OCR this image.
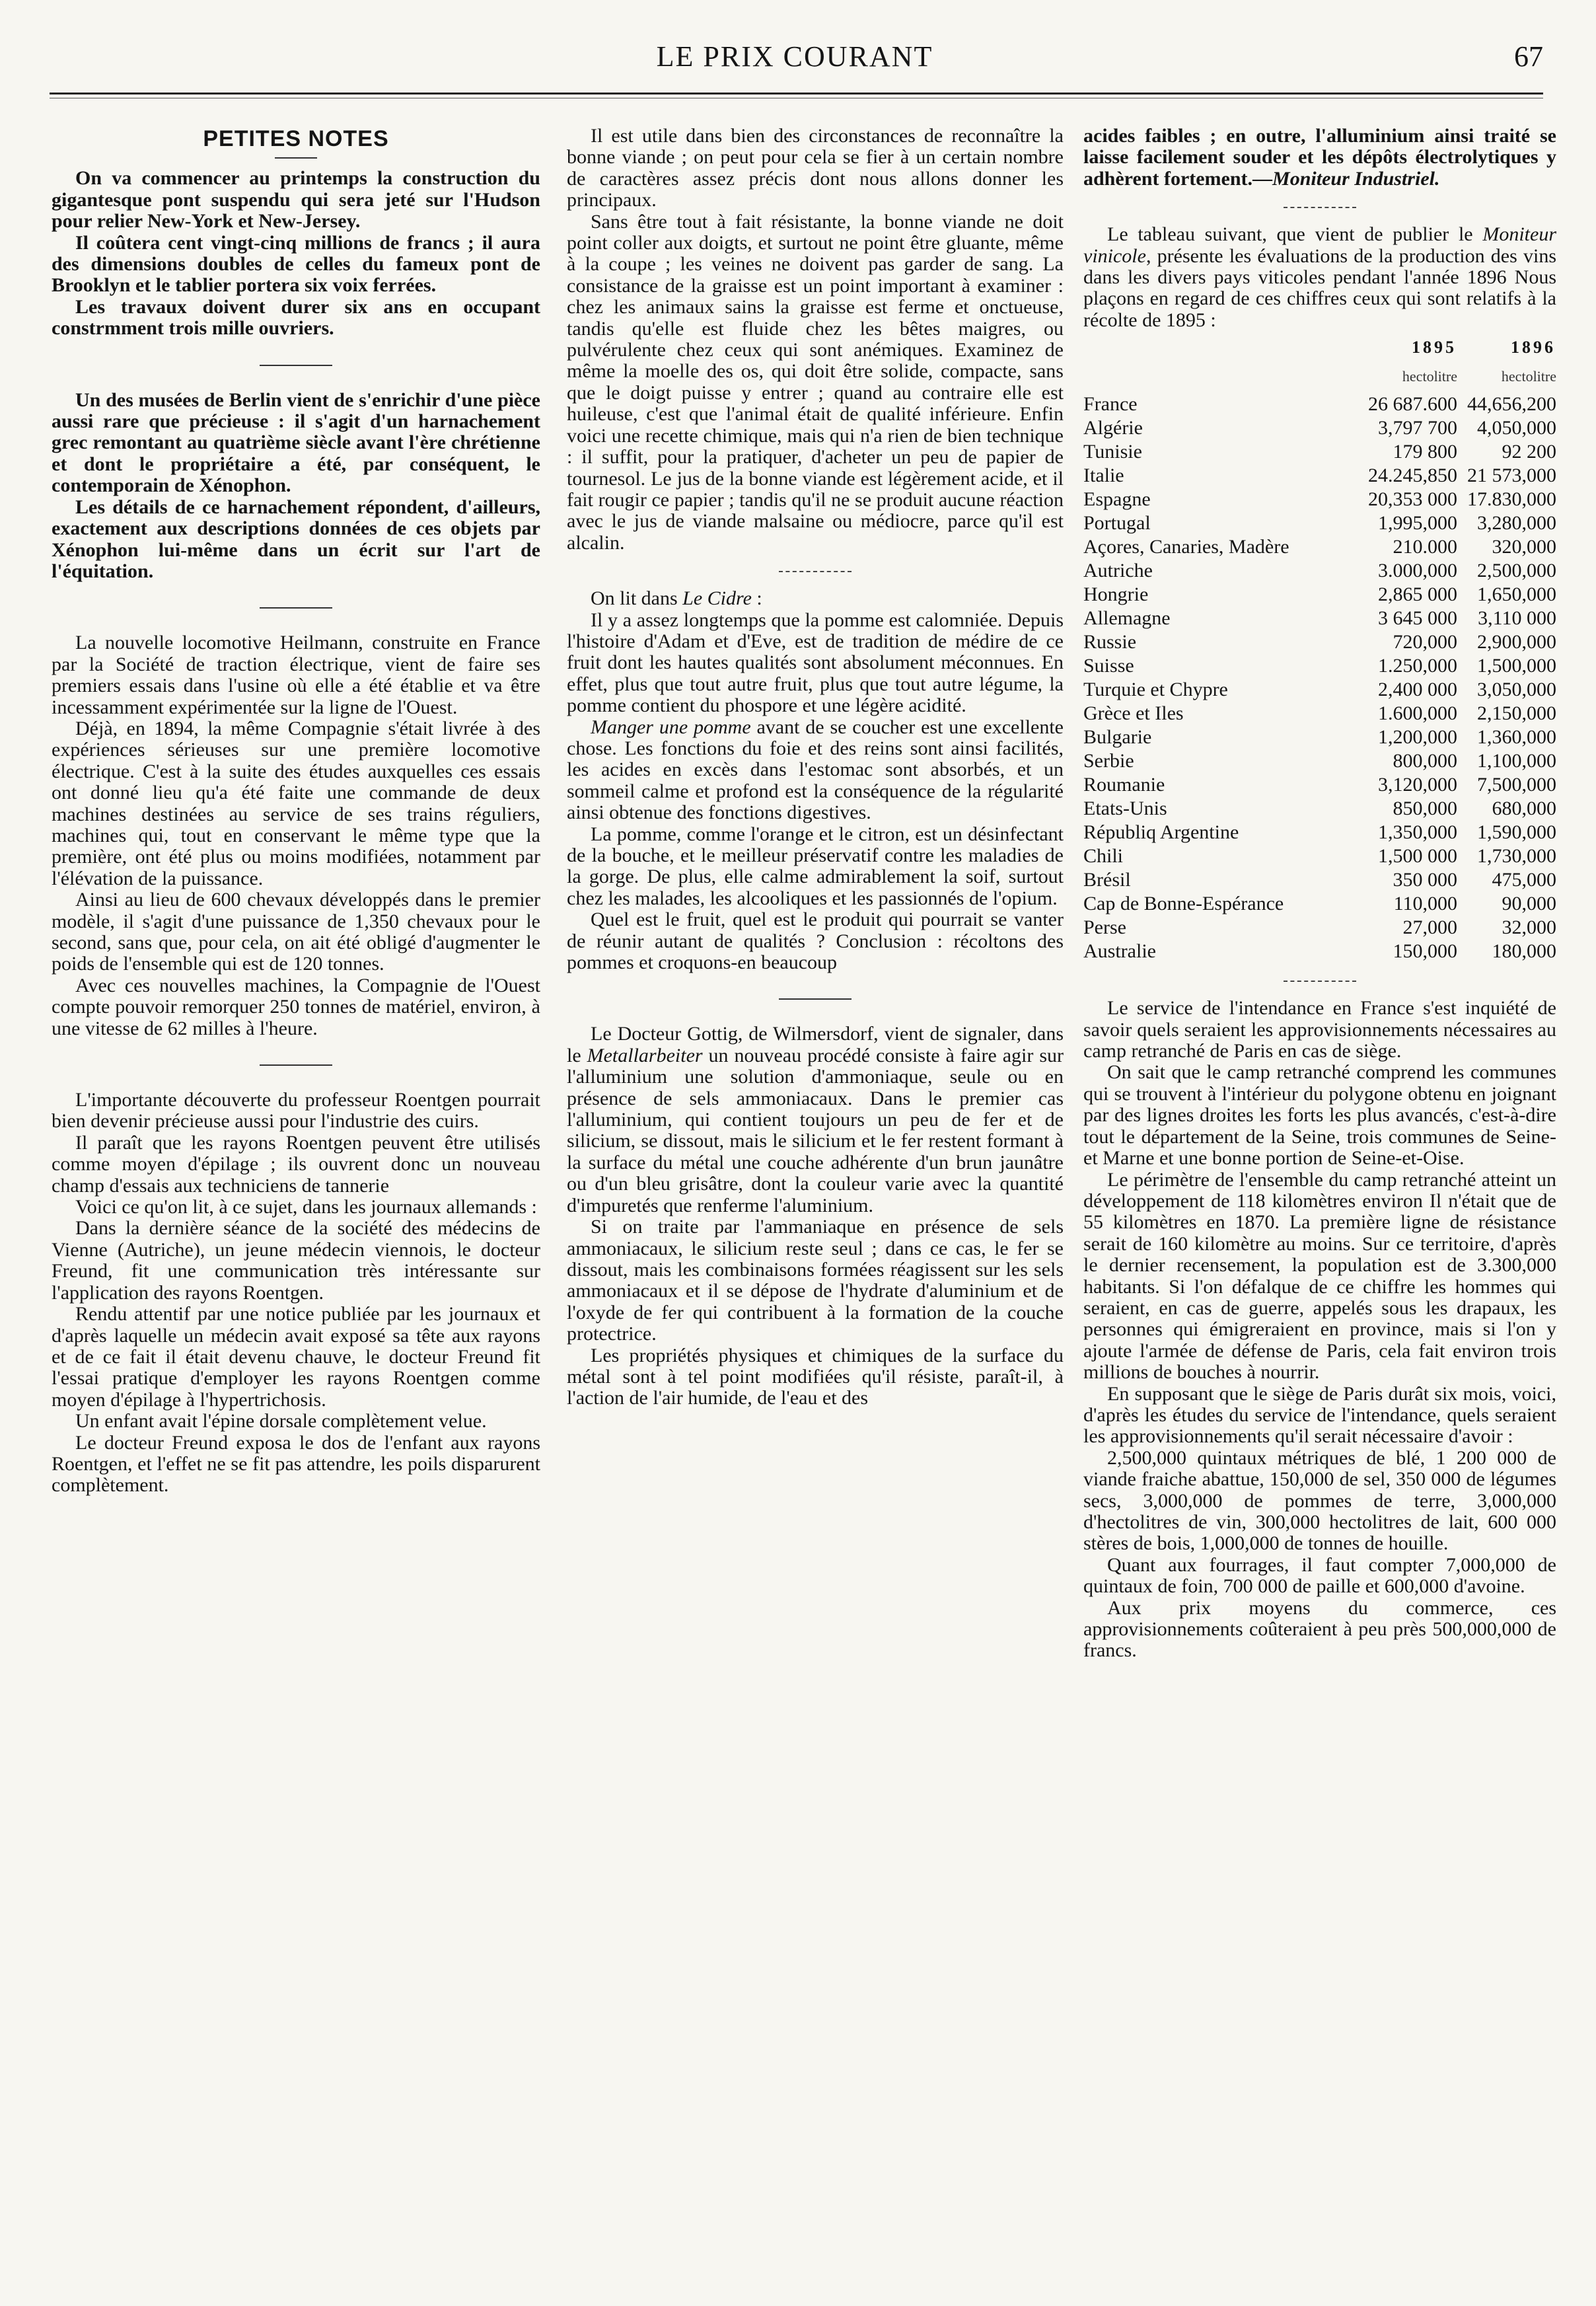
LE PRIX COURANT	67
PETITES NOTES

On va commencer au printemps la construction du gigantesque pont suspendu qui sera jeté sur l'Hudson pour relier New-York et New-Jersey.

Il coûtera cent vingt-cinq millions de francs ; il aura des dimensions doubles de celles du fameux pont de Brooklyn et le tablier portera six voix ferrées.

Les travaux doivent durer six ans en occupant constrmment trois mille ouvriers.

Un des musées de Berlin vient de s'enrichir d'une pièce aussi rare que précieuse : il s'agit d'un harnachement grec remontant au quatrième siècle avant l'ère chrétienne et dont le propriétaire a été, par conséquent, le contemporain de Xénophon.

Les détails de ce harnachement répondent, d'ailleurs, exactement aux descriptions données de ces objets par Xénophon lui-même dans un écrit sur l'art de l'équitation.

La nouvelle locomotive Heilmann, construite en France par la Société de traction électrique, vient de faire ses premiers essais dans l'usine où elle a été établie et va être incessamment expérimentée sur la ligne de l'Ouest.

Déjà, en 1894, la même Compagnie s'était livrée à des expériences sérieuses sur une première locomotive électrique. C'est à la suite des études auxquelles ces essais ont donné lieu qu'a été faite une commande de deux machines destinées au service de ses trains réguliers, machines qui, tout en conservant le même type que la première, ont été plus ou moins modifiées, notamment par l'élévation de la puissance.

Ainsi au lieu de 600 chevaux développés dans le premier modèle, il s'agit d'une puissance de 1,350 chevaux pour le second, sans que, pour cela, on ait été obligé d'augmenter le poids de l'ensemble qui est de 120 tonnes.

Avec ces nouvelles machines, la Compagnie de l'Ouest compte pouvoir remorquer 250 tonnes de matériel, environ, à une vitesse de 62 milles à l'heure.

L'importante découverte du professeur Roentgen pourrait bien devenir précieuse aussi pour l'industrie des cuirs.

Il paraît que les rayons Roentgen peuvent être utilisés comme moyen d'épilage ; ils ouvrent donc un nouveau champ d'essais aux techniciens de tannerie

Voici ce qu'on lit, à ce sujet, dans les journaux allemands :

Dans la dernière séance de la société des médecins de Vienne (Autriche), un jeune médecin viennois, le docteur Freund, fit une communication très intéressante sur l'application des rayons Roentgen.

Rendu attentif par une notice publiée par les journaux et d'après laquelle un médecin avait exposé sa tête aux rayons et de ce fait il était devenu chauve, le docteur Freund fit l'essai pratique d'employer les rayons Roentgen comme moyen d'épilage à l'hypertrichosis.

Un enfant avait l'épine dorsale complètement velue.

Le docteur Freund exposa le dos de l'enfant aux rayons Roentgen, et l'effet ne se fit pas attendre, les poils disparurent complètement.

Il est utile dans bien des circonstances de reconnaître la bonne viande ; on peut pour cela se fier à un certain nombre de caractères assez précis dont nous allons donner les principaux.

Sans être tout à fait résistante, la bonne viande ne doit point coller aux doigts, et surtout ne point être gluante, même à la coupe ; les veines ne doivent pas garder de sang. La consistance de la graisse est un point important à examiner : chez les animaux sains la graisse est ferme et onctueuse, tandis qu'elle est fluide chez les bêtes maigres, ou pulvérulente chez ceux qui sont anémiques. Examinez de même la moelle des os, qui doit être solide, compacte, sans que le doigt puisse y entrer ; quand au contraire elle est huileuse, c'est que l'animal était de qualité inférieure. Enfin voici une recette chimique, mais qui n'a rien de bien technique : il suffit, pour la pratiquer, d'acheter un peu de papier de tournesol. Le jus de la bonne viande est légèrement acide, et il fait rougir ce papier ; tandis qu'il ne se produit aucune réaction avec le jus de viande malsaine ou médiocre, parce qu'il est alcalin.

On lit dans Le Cidre :

Il y a assez longtemps que la pomme est calomniée. Depuis l'histoire d'Adam et d'Eve, est de tradition de médire de ce fruit dont les hautes qualités sont absolument méconnues. En effet, plus que tout autre fruit, plus que tout autre légume, la pomme contient du phospore et une légère acidité.

Manger une pomme avant de se coucher est une excellente chose. Les fonctions du foie et des reins sont ainsi facilités, les acides en excès dans l'estomac sont absorbés, et un sommeil calme et profond est la conséquence de la régularité ainsi obtenue des fonctions digestives.

La pomme, comme l'orange et le citron, est un désinfectant de la bouche, et le meilleur préservatif contre les maladies de la gorge. De plus, elle calme admirablement la soif, surtout chez les malades, les alcooliques et les passionnés de l'opium.

Quel est le fruit, quel est le produit qui pourrait se vanter de réunir autant de qualités ? Conclusion : récoltons des pommes et croquons-en beaucoup

Le Docteur Gottig, de Wilmersdorf, vient de signaler, dans le Metallarbeiter un nouveau procédé consiste à faire agir sur l'alluminium une solution d'ammoniaque, seule ou en présence de sels ammoniacaux. Dans le premier cas l'alluminium, qui contient toujours un peu de fer et de silicium, se dissout, mais le silicium et le fer restent formant à la surface du métal une couche adhérente d'un brun jaunâtre ou d'un bleu grisâtre, dont la couleur varie avec la quantité d'impuretés que renferme l'aluminium.

Si on traite par l'ammaniaque en présence de sels ammoniacaux, le silicium reste seul ; dans ce cas, le fer se dissout, mais les combinaisons formées réagissent sur les sels ammoniacaux et il se dépose de l'hydrate d'aluminium et de l'oxyde de fer qui contribuent à la formation de la couche protectrice.

Les propriétés physiques et chimiques de la surface du métal sont à tel point modifiées qu'il résiste, paraît-il, à l'action de l'air humide, de l'eau et des

acides faibles ; en outre, l'alluminium ainsi traité se laisse facilement souder et les dépôts électrolytiques y adhèrent fortement.—Moniteur Industriel.

Le tableau suivant, que vient de publier le Moniteur vinicole, présente les évaluations de la production des vins dans les divers pays viticoles pendant l'année 1896 Nous plaçons en regard de ces chiffres ceux qui sont relatifs à la récolte de 1895 :

	1895	1896
	hectolitre	hectolitre
France	26 687.600	44,656,200
Algérie	3,797 700	4,050,000
Tunisie	179 800	92 200
Italie	24.245,850	21 573,000
Espagne	20,353 000	17.830,000
Portugal	1,995,000	3,280,000
Açores, Canaries, Madère	210.000	320,000
Autriche	3.000,000	2,500,000
Hongrie	2,865 000	1,650,000
Allemagne	3 645 000	3,110 000
Russie	720,000	2,900,000
Suisse	1.250,000	1,500,000
Turquie et Chypre	2,400 000	3,050,000
Grèce et Iles	1.600,000	2,150,000
Bulgarie	1,200,000	1,360,000
Serbie	800,000	1,100,000
Roumanie	3,120,000	7,500,000
Etats-Unis	850,000	680,000
Républiq Argentine	1,350,000	1,590,000
Chili	1,500 000	1,730,000
Brésil	350 000	475,000
Cap de Bonne-Espérance	110,000	90,000
Perse	27,000	32,000
Australie	150,000	180,000

Le service de l'intendance en France s'est inquiété de savoir quels seraient les approvisionnements nécessaires au camp retranché de Paris en cas de siège.

On sait que le camp retranché comprend les communes qui se trouvent à l'intérieur du polygone obtenu en joignant par des lignes droites les forts les plus avancés, c'est-à-dire tout le département de la Seine, trois communes de Seine-et Marne et une bonne portion de Seine-et-Oise.

Le périmètre de l'ensemble du camp retranché atteint un développement de 118 kilomètres environ Il n'était que de 55 kilomètres en 1870. La première ligne de résistance serait de 160 kilomètre au moins. Sur ce territoire, d'après le dernier recensement, la population est de 3.300,000 habitants. Si l'on défalque de ce chiffre les hommes qui seraient, en cas de guerre, appelés sous les drapaux, les personnes qui émigreraient en province, mais si l'on y ajoute l'armée de défense de Paris, cela fait environ trois millions de bouches à nourrir.

En supposant que le siège de Paris durât six mois, voici, d'après les études du service de l'intendance, quels seraient les approvisionnements qu'il serait nécessaire d'avoir :

2,500,000 quintaux métriques de blé, 1 200 000 de viande fraiche abattue, 150,000 de sel, 350 000 de légumes secs, 3,000,000 de pommes de terre, 3,000,000 d'hectolitres de vin, 300,000 hectolitres de lait, 600 000 stères de bois, 1,000,000 de tonnes de houille.

Quant aux fourrages, il faut compter 7,000,000 de quintaux de foin, 700 000 de paille et 600,000 d'avoine.

Aux prix moyens du commerce, ces approvisionnements coûteraient à peu près 500,000,000 de francs.
